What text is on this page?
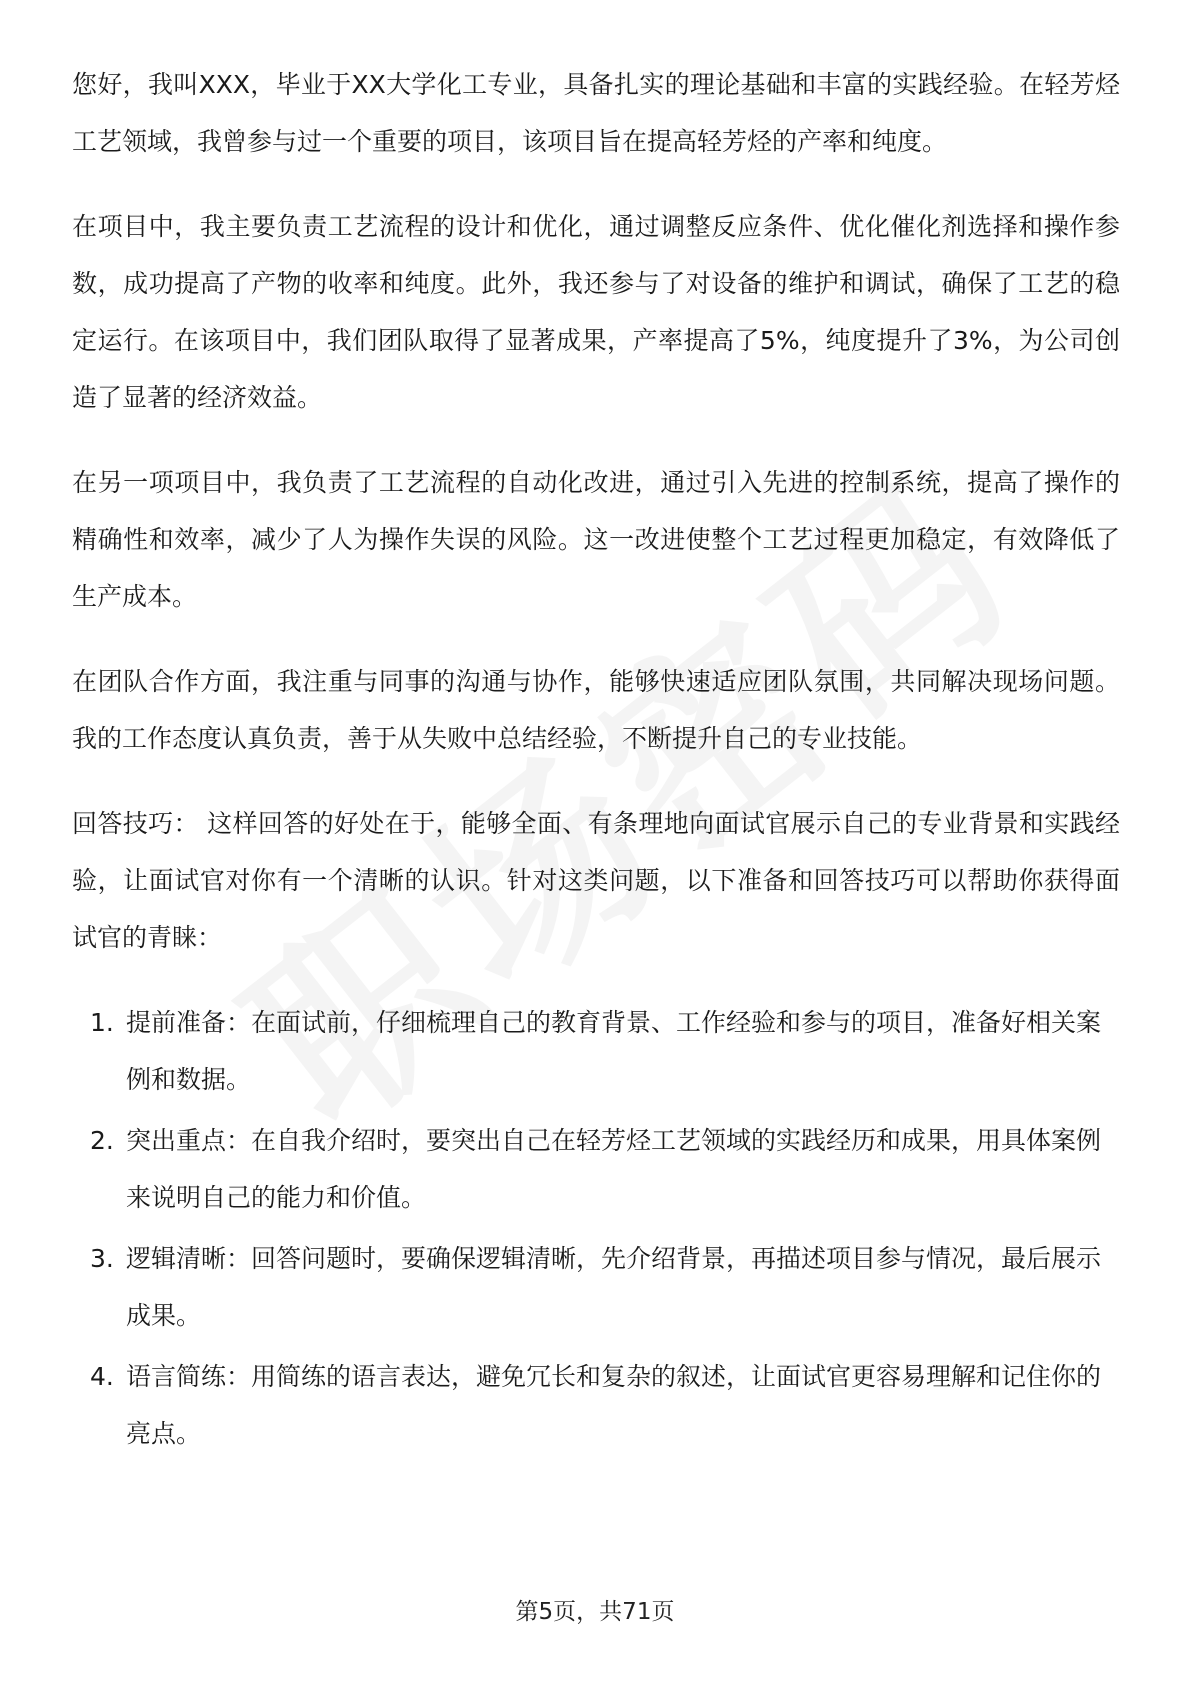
您好，我叫XXX，毕业于XX大学化工专业，具备扎实的理论基础和丰富的实践经验。在轻芳烃工艺领域，我曾参与过一个重要的项目，该项目旨在提高轻芳烃的产率和纯度。

在项目中，我主要负责工艺流程的设计和优化，通过调整反应条件、优化催化剂选择和操作参数，成功提高了产物的收率和纯度。此外，我还参与了对设备的维护和调试，确保了工艺的稳定运行。在该项目中，我们团队取得了显著成果，产率提高了5%，纯度提升了3%，为公司创造了显著的经济效益。

在另一项项目中，我负责了工艺流程的自动化改进，通过引入先进的控制系统，提高了操作的精确性和效率，减少了人为操作失误的风险。这一改进使整个工艺过程更加稳定，有效降低了生产成本。

在团队合作方面，我注重与同事的沟通与协作，能够快速适应团队氛围，共同解决现场问题。我的工作态度认真负责，善于从失败中总结经验，不断提升自己的专业技能。

回答技巧： 这样回答的好处在于，能够全面、有条理地向面试官展示自己的专业背景和实践经验，让面试官对你有一个清晰的认识。针对这类问题，以下准备和回答技巧可以帮助你获得面试官的青睐：

1. 提前准备：在面试前，仔细梳理自己的教育背景、工作经验和参与的项目，准备好相关案例和数据。
2. 突出重点：在自我介绍时，要突出自己在轻芳烃工艺领域的实践经历和成果，用具体案例来说明自己的能力和价值。
3. 逻辑清晰：回答问题时，要确保逻辑清晰，先介绍背景，再描述项目参与情况，最后展示成果。
4. 语言简练：用简练的语言表达，避免冗长和复杂的叙述，让面试官更容易理解和记住你的亮点。
第5页，共71页
